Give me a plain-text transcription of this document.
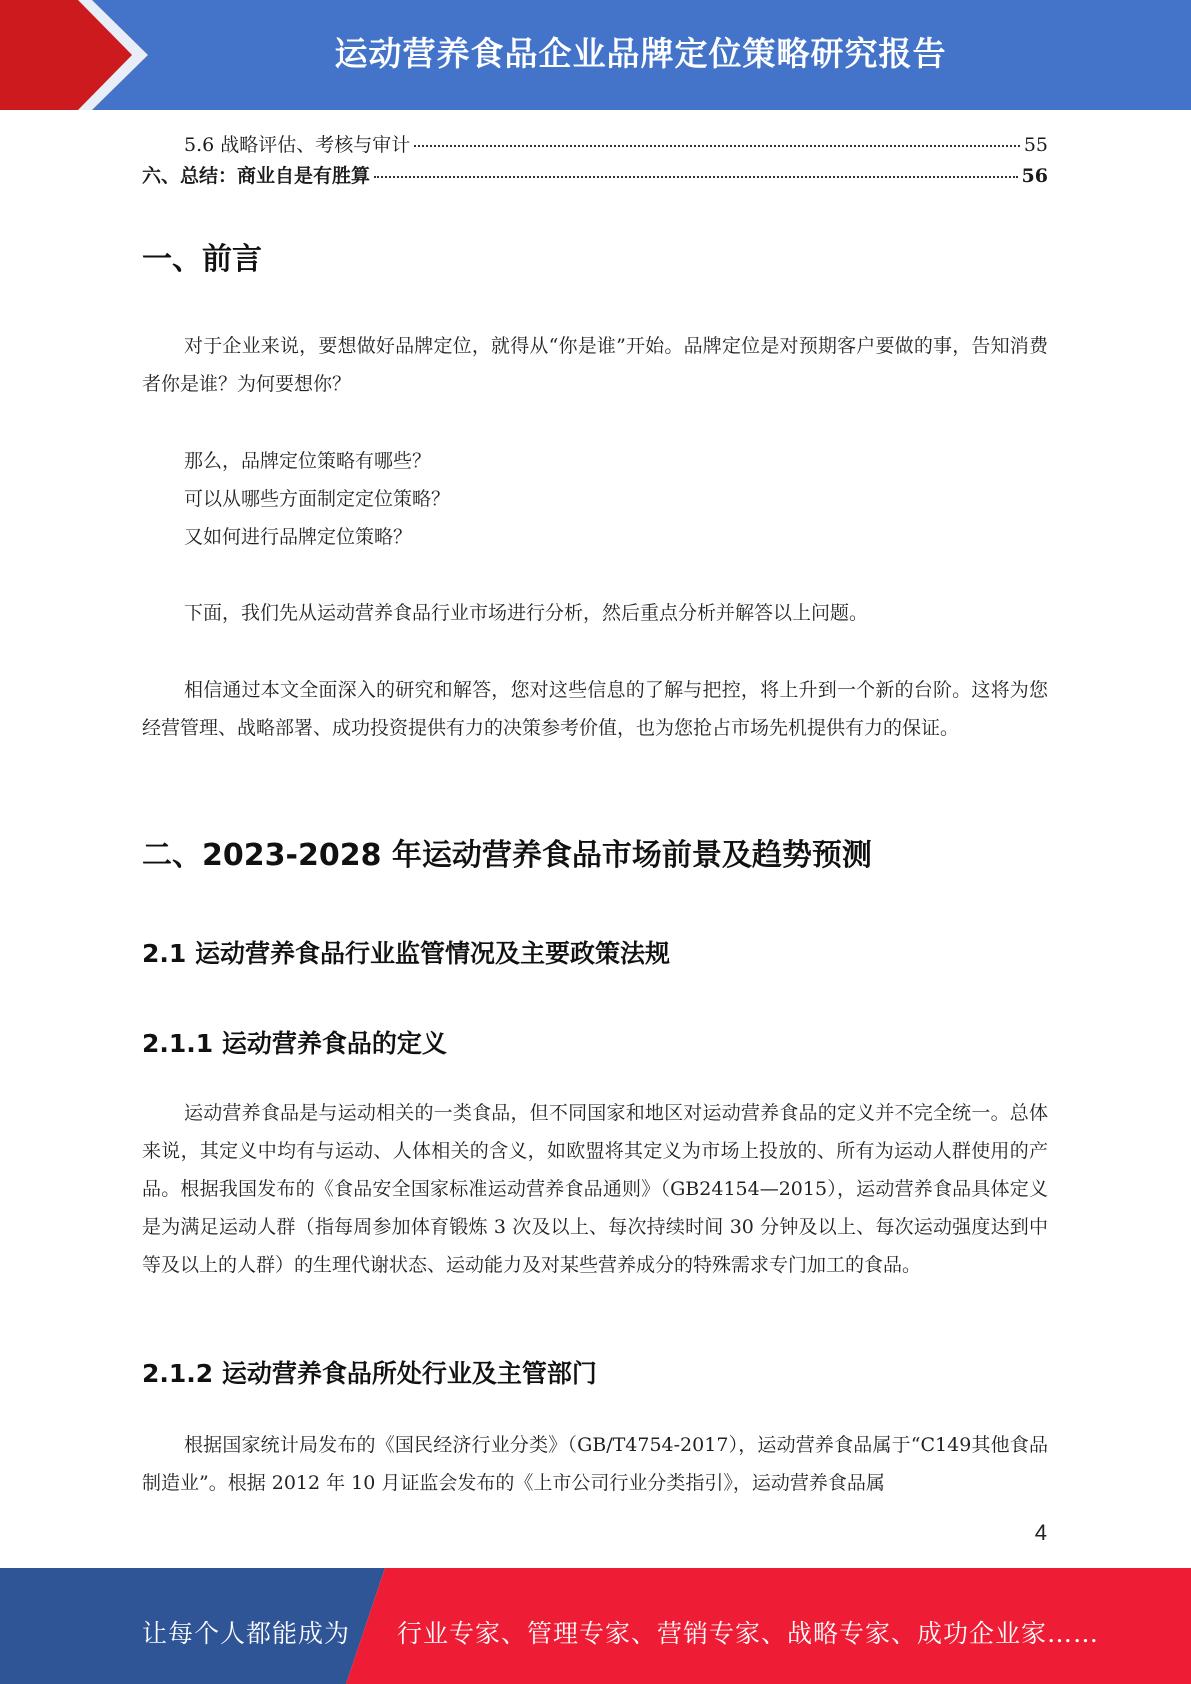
运动营养食品企业品牌定位策略研究报告
5.6 战略评估、考核与审计	55
六、总结：商业自是有胜算	56
一、前言

对于企业来说，要想做好品牌定位，就得从“你是谁”开始。品牌定位是对预期客户要做的事，告知消费者你是谁？为何要想你？

那么，品牌定位策略有哪些？
可以从哪些方面制定定位策略？
又如何进行品牌定位策略？

下面，我们先从运动营养食品行业市场进行分析，然后重点分析并解答以上问题。

相信通过本文全面深入的研究和解答，您对这些信息的了解与把控，将上升到一个新的台阶。这将为您经营管理、战略部署、成功投资提供有力的决策参考价值，也为您抢占市场先机提供有力的保证。

二、2023-2028 年运动营养食品市场前景及趋势预测
2.1 运动营养食品行业监管情况及主要政策法规
2.1.1 运动营养食品的定义

运动营养食品是与运动相关的一类食品，但不同国家和地区对运动营养食品的定义并不完全统一。总体来说，其定义中均有与运动、人体相关的含义，如欧盟将其定义为市场上投放的、所有为运动人群使用的产品。根据我国发布的《食品安全国家标准运动营养食品通则》（GB24154—2015），运动营养食品具体定义是为满足运动人群（指每周参加体育锻炼 3 次及以上、每次持续时间 30 分钟及以上、每次运动强度达到中等及以上的人群）的生理代谢状态、运动能力及对某些营养成分的特殊需求专门加工的食品。

2.1.2 运动营养食品所处行业及主管部门

根据国家统计局发布的《国民经济行业分类》（GB/T4754-2017），运动营养食品属于“C149其他食品制造业”。根据 2012 年 10 月证监会发布的《上市公司行业分类指引》，运动营养食品属

4
让每个人都能成为 行业专家、管理专家、营销专家、战略专家、成功企业家……
